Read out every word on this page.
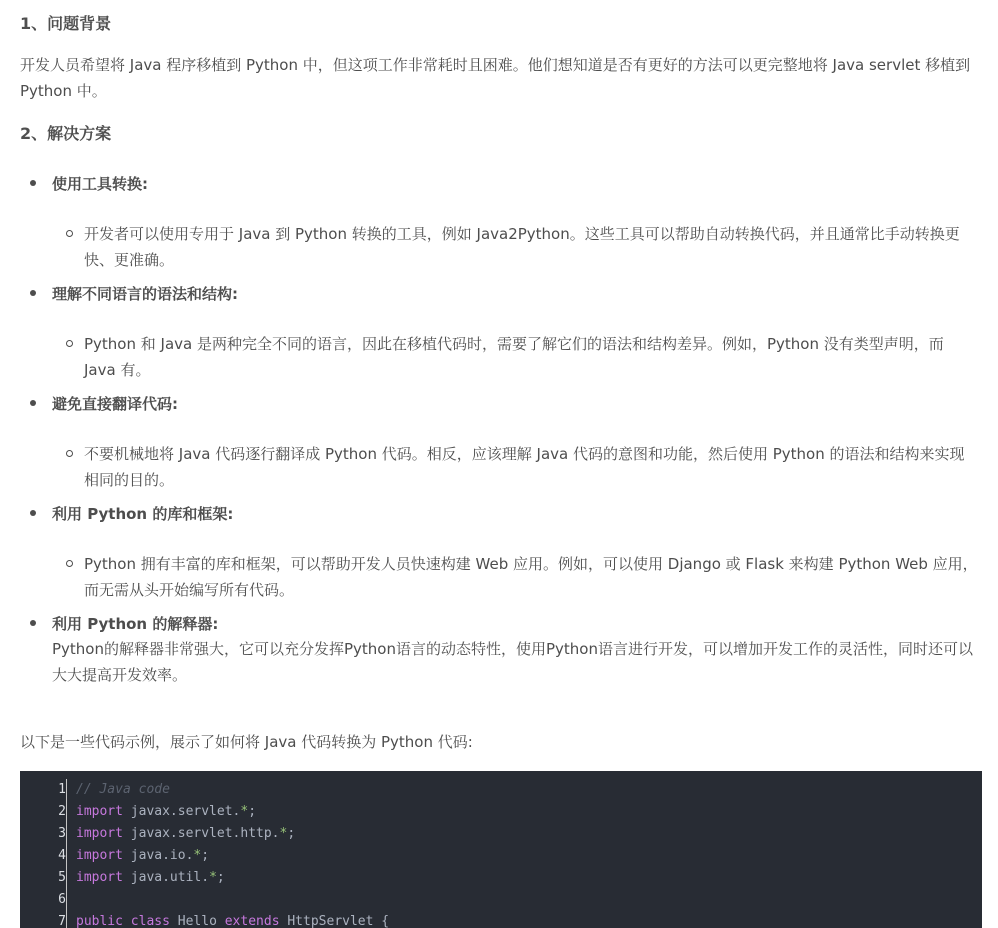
1、问题背景
开发人员希望将 Java 程序移植到 Python 中，但这项工作非常耗时且困难。他们想知道是否有更好的方法可以更完整地将 Java servlet 移植到 Python 中。
2、解决方案
使用工具转换:
开发者可以使用专用于 Java 到 Python 转换的工具，例如 Java2Python。这些工具可以帮助自动转换代码，并且通常比手动转换更快、更准确。
理解不同语言的语法和结构:
Python 和 Java 是两种完全不同的语言，因此在移植代码时，需要了解它们的语法和结构差异。例如，Python 没有类型声明，而 Java 有。
避免直接翻译代码:
不要机械地将 Java 代码逐行翻译成 Python 代码。相反，应该理解 Java 代码的意图和功能，然后使用 Python 的语法和结构来实现相同的目的。
利用 Python 的库和框架:
Python 拥有丰富的库和框架，可以帮助开发人员快速构建 Web 应用。例如，可以使用 Django 或 Flask 来构建 Python Web 应用，而无需从头开始编写所有代码。
利用 Python 的解释器:
Python的解释器非常强大，它可以充分发挥Python语言的动态特性，使用Python语言进行开发，可以增加开发工作的灵活性，同时还可以大大提高开发效率。
以下是一些代码示例，展示了如何将 Java 代码转换为 Python 代码:
1
2
3
4
5
6
7
// Java code
import javax.servlet.*;
import javax.servlet.http.*;
import java.io.*;
import java.util.*;

public class Hello extends HttpServlet {
